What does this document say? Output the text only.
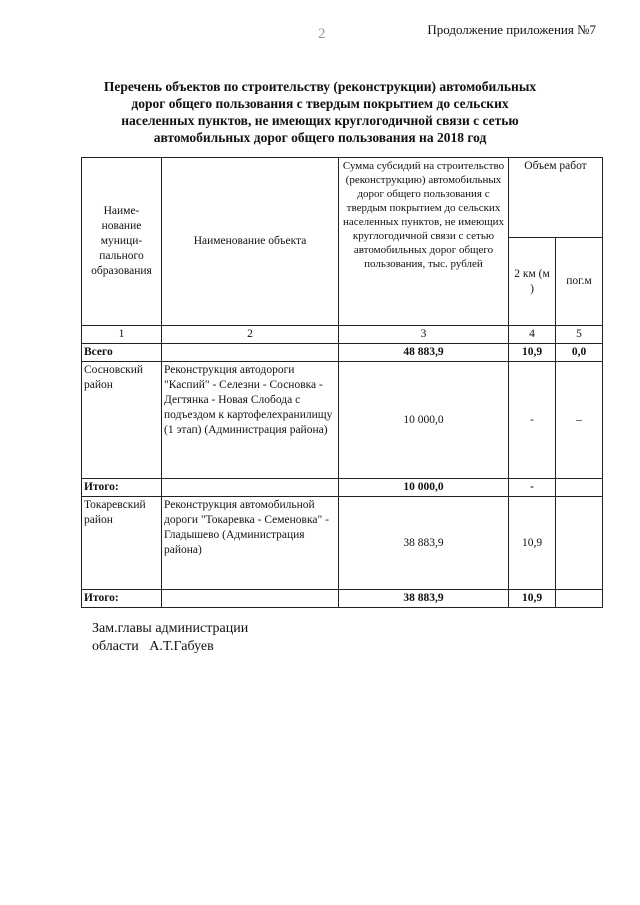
2	Продолжение приложения №7
Перечень объектов по строительству (реконструкции) автомобильных
дорог общего пользования с твердым покрытием до сельских
населенных пунктов, не имеющих круглогодичной связи с сетью
автомобильных дорог общего пользования на 2018 год
Наиме-нование муници-пального образования	Наименование объекта	Сумма субсидий на строительство (реконструкцию) автомобильных дорог общего пользования с твердым покрытием до сельских населенных пунктов, не имеющих круглогодичной связи с сетью автомобильных дорог общего пользования, тыс. рублей	Объем работ	
			2 км (м )	пог.м
1	2	3	4	5
Всего		48 883,9	10,9	0,0
Сосновский район	Реконструкция автодороги "Каспий" - Селезни - Сосновка - Дегтянка - Новая Слобода с подъездом к картофелехранилищу (1 этап) (Администрация района)	10 000,0	-	–
Итого:		10 000,0	-	
Токаревский район	Реконструкция автомобильной дороги "Токаревка - Семеновка" - Гладышево (Администрация района)	38 883,9	10,9	
Итого:		38 883,9	10,9	
Зам.главы администрации
области   А.Т.Габуев
